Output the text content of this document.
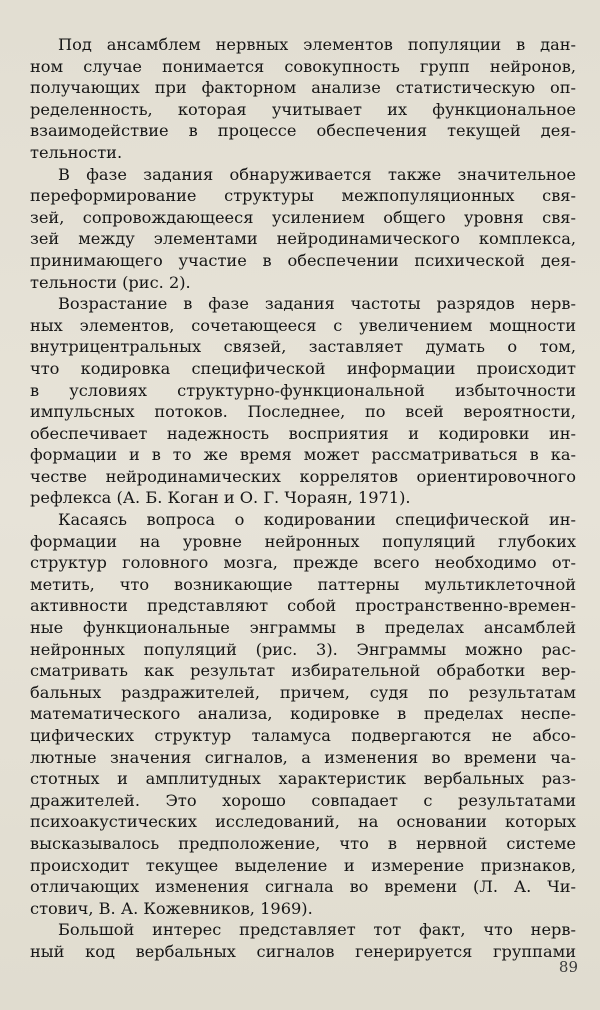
Под ансамблем нервных элементов популяции в дан-
ном случае понимается совокупность групп нейронов,
получающих при факторном анализе статистическую оп-
ределенность, которая учитывает их функциональное
взаимодействие в процессе обеспечения текущей дея-
тельности.
В фазе задания обнаруживается также значительное
переформирование структуры межпопуляционных свя-
зей, сопровождающееся усилением общего уровня свя-
зей между элементами нейродинамического комплекса,
принимающего участие в обеспечении психической дея-
тельности (рис. 2).
Возрастание в фазе задания частоты разрядов нерв-
ных элементов, сочетающееся с увеличением мощности
внутрицентральных связей, заставляет думать о том,
что кодировка специфической информации происходит
в условиях структурно-функциональной избыточности
импульсных потоков. Последнее, по всей вероятности,
обеспечивает надежность восприятия и кодировки ин-
формации и в то же время может рассматриваться в ка-
честве нейродинамических коррелятов ориентировочного
рефлекса (А. Б. Коган и О. Г. Чораян, 1971).
Касаясь вопроса о кодировании специфической ин-
формации на уровне нейронных популяций глубоких
структур головного мозга, прежде всего необходимо от-
метить, что возникающие паттерны мультиклеточной
активности представляют собой пространственно-времен-
ные функциональные энграммы в пределах ансамблей
нейронных популяций (рис. 3). Энграммы можно рас-
сматривать как результат избирательной обработки вер-
бальных раздражителей, причем, судя по результатам
математического анализа, кодировке в пределах неспе-
цифических структур таламуса подвергаются не абсо-
лютные значения сигналов, а изменения во времени ча-
стотных и амплитудных характеристик вербальных раз-
дражителей. Это хорошо совпадает с результатами
психоакустических исследований, на основании которых
высказывалось предположение, что в нервной системе
происходит текущее выделение и измерение признаков,
отличающих изменения сигнала во времени (Л. А. Чи-
стович, В. А. Кожевников, 1969).
Большой интерес представляет тот факт, что нерв-
ный код вербальных сигналов генерируется группами
89
